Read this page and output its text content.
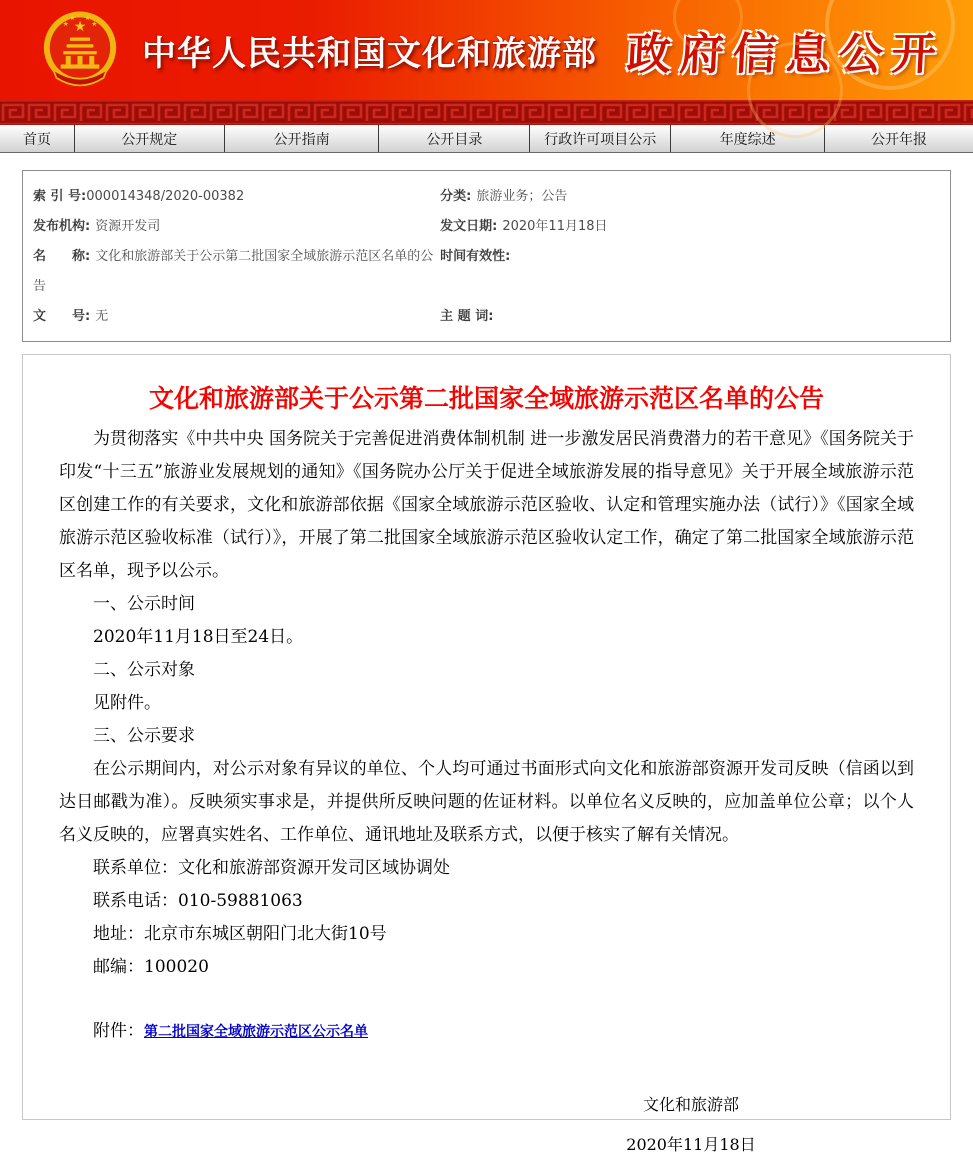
★
★
★ ★
★
中华人民共和国文化和旅游部 政府信息公开
首页	公开规定	公开指南	公开目录	行政许可项目公示	年度综述	公开年报
索 引 号:000014348/2020-00382	分类: 旅游业务；公告
发布机构: 资源开发司	发文日期: 2020年11月18日
名　　称: 文化和旅游部关于公示第二批国家全域旅游示范区名单的公告
时间有效性:
文　　号: 无	主 题 词:
文化和旅游部关于公示第二批国家全域旅游示范区名单的公告

为贯彻落实《中共中央 国务院关于完善促进消费体制机制 进一步激发居民消费潜力的若干意见》《国务院关于印发“十三五”旅游业发展规划的通知》《国务院办公厅关于促进全域旅游发展的指导意见》关于开展全域旅游示范区创建工作的有关要求，文化和旅游部依据《国家全域旅游示范区验收、认定和管理实施办法（试行）》《国家全域旅游示范区验收标准（试行）》，开展了第二批国家全域旅游示范区验收认定工作，确定了第二批国家全域旅游示范区名单，现予以公示。

一、公示时间

2020年11月18日至24日。

二、公示对象

见附件。

三、公示要求

在公示期间内，对公示对象有异议的单位、个人均可通过书面形式向文化和旅游部资源开发司反映（信函以到达日邮戳为准）。反映须实事求是，并提供所反映问题的佐证材料。以单位名义反映的，应加盖单位公章；以个人名义反映的，应署真实姓名、工作单位、通讯地址及联系方式，以便于核实了解有关情况。

联系单位：文化和旅游部资源开发司区域协调处

联系电话：010-59881063

地址：北京市东城区朝阳门北大街10号

邮编：100020

附件：第二批国家全域旅游示范区公示名单

文化和旅游部

2020年11月18日
